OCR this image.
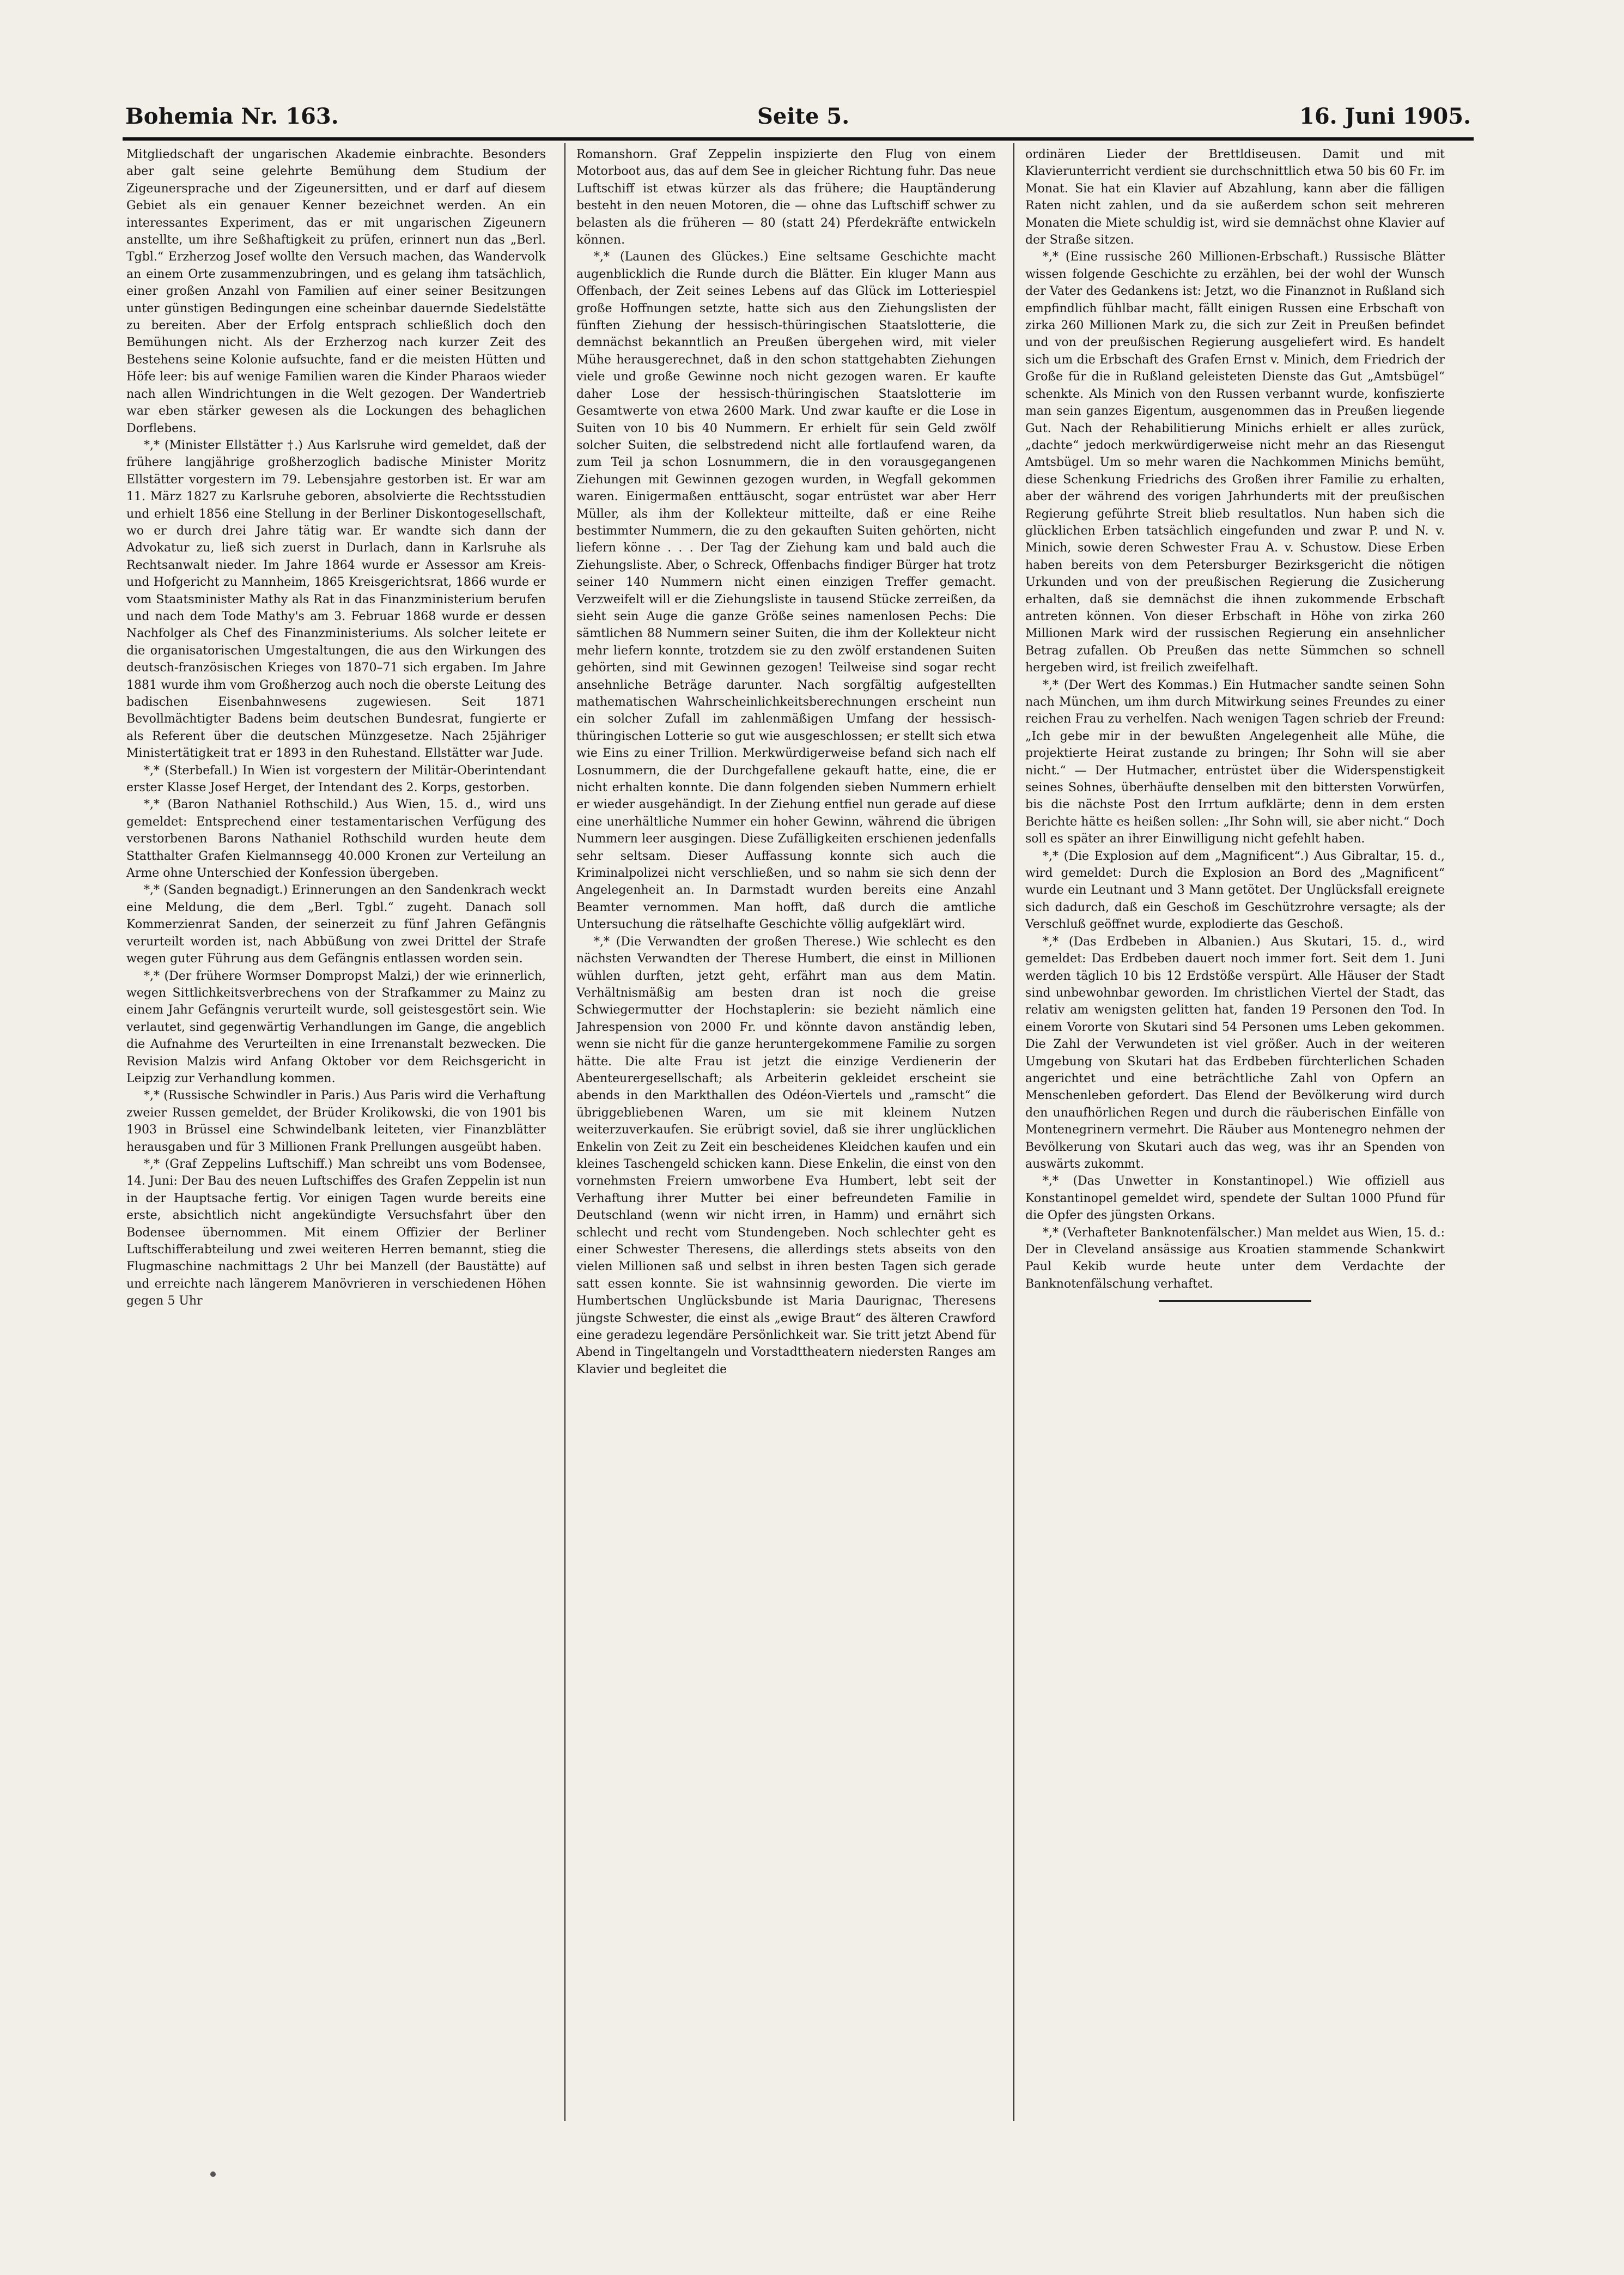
Bohemia Nr. 163.	Seite 5.	16. Juni 1905.

Mitgliedschaft der ungarischen Akademie einbrachte. Besonders aber galt seine gelehrte Bemühung dem Studium der Zigeunersprache und der Zigeunersitten, und er darf auf diesem Gebiet als ein genauer Kenner bezeichnet werden. An ein interessantes Experiment, das er mit ungarischen Zigeunern anstellte, um ihre Seßhaftigkeit zu prüfen, erinnert nun das „Berl. Tgbl.“ Erzherzog Josef wollte den Versuch machen, das Wandervolk an einem Orte zusammenzubringen, und es gelang ihm tatsächlich, einer großen Anzahl von Familien auf einer seiner Besitzungen unter günstigen Bedingungen eine scheinbar dauernde Siedelstätte zu bereiten. Aber der Erfolg entsprach schließlich doch den Bemühungen nicht. Als der Erzherzog nach kurzer Zeit des Bestehens seine Kolonie aufsuchte, fand er die meisten Hütten und Höfe leer: bis auf wenige Familien waren die Kinder Pharaos wieder nach allen Windrichtungen in die Welt gezogen. Der Wandertrieb war eben stärker gewesen als die Lockungen des behaglichen Dorflebens.

*,* (Minister Ellstätter †.) Aus Karlsruhe wird gemeldet, daß der frühere langjährige großherzoglich badische Minister Moritz Ellstätter vorgestern im 79. Lebensjahre gestorben ist. Er war am 11. März 1827 zu Karlsruhe geboren, absolvierte die Rechtsstudien und erhielt 1856 eine Stellung in der Berliner Diskontogesellschaft, wo er durch drei Jahre tätig war. Er wandte sich dann der Advokatur zu, ließ sich zuerst in Durlach, dann in Karlsruhe als Rechtsanwalt nieder. Im Jahre 1864 wurde er Assessor am Kreis- und Hofgericht zu Mannheim, 1865 Kreisgerichtsrat, 1866 wurde er vom Staatsminister Mathy als Rat in das Finanzministerium berufen und nach dem Tode Mathy's am 3. Februar 1868 wurde er dessen Nachfolger als Chef des Finanzministeriums. Als solcher leitete er die organisatorischen Umgestaltungen, die aus den Wirkungen des deutsch-französischen Krieges von 1870–71 sich ergaben. Im Jahre 1881 wurde ihm vom Großherzog auch noch die oberste Leitung des badischen Eisenbahnwesens zugewiesen. Seit 1871 Bevollmächtigter Badens beim deutschen Bundesrat, fungierte er als Referent über die deutschen Münzgesetze. Nach 25jähriger Ministertätigkeit trat er 1893 in den Ruhestand. Ellstätter war Jude.

*,* (Sterbefall.) In Wien ist vorgestern der Militär-Oberintendant erster Klasse Josef Herget, der Intendant des 2. Korps, gestorben.

*,* (Baron Nathaniel Rothschild.) Aus Wien, 15. d., wird uns gemeldet: Entsprechend einer testamentarischen Verfügung des verstorbenen Barons Nathaniel Rothschild wurden heute dem Statthalter Grafen Kielmannsegg 40.000 Kronen zur Verteilung an Arme ohne Unterschied der Konfession übergeben.

*,* (Sanden begnadigt.) Erinnerungen an den Sandenkrach weckt eine Meldung, die dem „Berl. Tgbl.“ zugeht. Danach soll Kommerzienrat Sanden, der seinerzeit zu fünf Jahren Gefängnis verurteilt worden ist, nach Abbüßung von zwei Drittel der Strafe wegen guter Führung aus dem Gefängnis entlassen worden sein.

*,* (Der frühere Wormser Dompropst Malzi,) der wie erinnerlich, wegen Sittlichkeitsverbrechens von der Strafkammer zu Mainz zu einem Jahr Gefängnis verurteilt wurde, soll geistesgestört sein. Wie verlautet, sind gegenwärtig Verhandlungen im Gange, die angeblich die Aufnahme des Verurteilten in eine Irrenanstalt bezwecken. Die Revision Malzis wird Anfang Oktober vor dem Reichsgericht in Leipzig zur Verhandlung kommen.

*,* (Russische Schwindler in Paris.) Aus Paris wird die Verhaftung zweier Russen gemeldet, der Brüder Krolikowski, die von 1901 bis 1903 in Brüssel eine Schwindelbank leiteten, vier Finanzblätter herausgaben und für 3 Millionen Frank Prellungen ausgeübt haben.

*,* (Graf Zeppelins Luftschiff.) Man schreibt uns vom Bodensee, 14. Juni: Der Bau des neuen Luftschiffes des Grafen Zeppelin ist nun in der Hauptsache fertig. Vor einigen Tagen wurde bereits eine erste, absichtlich nicht angekündigte Versuchsfahrt über den Bodensee übernommen. Mit einem Offizier der Berliner Luftschifferabteilung und zwei weiteren Herren bemannt, stieg die Flugmaschine nachmittags 2 Uhr bei Manzell (der Baustätte) auf und erreichte nach längerem Manövrieren in verschiedenen Höhen gegen 5 Uhr

Romanshorn. Graf Zeppelin inspizierte den Flug von einem Motorboot aus, das auf dem See in gleicher Richtung fuhr. Das neue Luftschiff ist etwas kürzer als das frühere; die Hauptänderung besteht in den neuen Motoren, die — ohne das Luftschiff schwer zu belasten als die früheren — 80 (statt 24) Pferdekräfte entwickeln können.

*,* (Launen des Glückes.) Eine seltsame Geschichte macht augenblicklich die Runde durch die Blätter. Ein kluger Mann aus Offenbach, der Zeit seines Lebens auf das Glück im Lotteriespiel große Hoffnungen setzte, hatte sich aus den Ziehungslisten der fünften Ziehung der hessisch-thüringischen Staatslotterie, die demnächst bekanntlich an Preußen übergehen wird, mit vieler Mühe herausgerechnet, daß in den schon stattgehabten Ziehungen viele und große Gewinne noch nicht gezogen waren. Er kaufte daher Lose der hessisch-thüringischen Staatslotterie im Gesamtwerte von etwa 2600 Mark. Und zwar kaufte er die Lose in Suiten von 10 bis 40 Nummern. Er erhielt für sein Geld zwölf solcher Suiten, die selbstredend nicht alle fortlaufend waren, da zum Teil ja schon Losnummern, die in den vorausgegangenen Ziehungen mit Gewinnen gezogen wurden, in Wegfall gekommen waren. Einigermaßen enttäuscht, sogar entrüstet war aber Herr Müller, als ihm der Kollekteur mitteilte, daß er eine Reihe bestimmter Nummern, die zu den gekauften Suiten gehörten, nicht liefern könne . . . Der Tag der Ziehung kam und bald auch die Ziehungsliste. Aber, o Schreck, Offenbachs findiger Bürger hat trotz seiner 140 Nummern nicht einen einzigen Treffer gemacht. Verzweifelt will er die Ziehungsliste in tausend Stücke zerreißen, da sieht sein Auge die ganze Größe seines namenlosen Pechs: Die sämtlichen 88 Nummern seiner Suiten, die ihm der Kollekteur nicht mehr liefern konnte, trotzdem sie zu den zwölf erstandenen Suiten gehörten, sind mit Gewinnen gezogen! Teilweise sind sogar recht ansehnliche Beträge darunter. Nach sorgfältig aufgestellten mathematischen Wahrscheinlichkeitsberechnungen erscheint nun ein solcher Zufall im zahlenmäßigen Umfang der hessisch-thüringischen Lotterie so gut wie ausgeschlossen; er stellt sich etwa wie Eins zu einer Trillion. Merkwürdigerweise befand sich nach elf Losnummern, die der Durchgefallene gekauft hatte, eine, die er nicht erhalten konnte. Die dann folgenden sieben Nummern erhielt er wieder ausgehändigt. In der Ziehung entfiel nun gerade auf diese eine unerhältliche Nummer ein hoher Gewinn, während die übrigen Nummern leer ausgingen. Diese Zufälligkeiten erschienen jedenfalls sehr seltsam. Dieser Auffassung konnte sich auch die Kriminalpolizei nicht verschließen, und so nahm sie sich denn der Angelegenheit an. In Darmstadt wurden bereits eine Anzahl Beamter vernommen. Man hofft, daß durch die amtliche Untersuchung die rätselhafte Geschichte völlig aufgeklärt wird.

*,* (Die Verwandten der großen Therese.) Wie schlecht es den nächsten Verwandten der Therese Humbert, die einst in Millionen wühlen durften, jetzt geht, erfährt man aus dem Matin. Verhältnismäßig am besten dran ist noch die greise Schwiegermutter der Hochstaplerin: sie bezieht nämlich eine Jahrespension von 2000 Fr. und könnte davon anständig leben, wenn sie nicht für die ganze heruntergekommene Familie zu sorgen hätte. Die alte Frau ist jetzt die einzige Verdienerin der Abenteurergesellschaft; als Arbeiterin gekleidet erscheint sie abends in den Markthallen des Odéon-Viertels und „ramscht“ die übriggebliebenen Waren, um sie mit kleinem Nutzen weiterzuverkaufen. Sie erübrigt soviel, daß sie ihrer unglücklichen Enkelin von Zeit zu Zeit ein bescheidenes Kleidchen kaufen und ein kleines Taschengeld schicken kann. Diese Enkelin, die einst von den vornehmsten Freiern umworbene Eva Humbert, lebt seit der Verhaftung ihrer Mutter bei einer befreundeten Familie in Deutschland (wenn wir nicht irren, in Hamm) und ernährt sich schlecht und recht vom Stundengeben. Noch schlechter geht es einer Schwester Theresens, die allerdings stets abseits von den vielen Millionen saß und selbst in ihren besten Tagen sich gerade satt essen konnte. Sie ist wahnsinnig geworden. Die vierte im Humbertschen Unglücksbunde ist Maria Daurignac, Theresens jüngste Schwester, die einst als „ewige Braut“ des älteren Crawford eine geradezu legendäre Persönlichkeit war. Sie tritt jetzt Abend für Abend in Tingeltangeln und Vorstadttheatern niedersten Ranges am Klavier und begleitet die

ordinären Lieder der Brettldiseusen. Damit und mit Klavierunterricht verdient sie durchschnittlich etwa 50 bis 60 Fr. im Monat. Sie hat ein Klavier auf Abzahlung, kann aber die fälligen Raten nicht zahlen, und da sie außerdem schon seit mehreren Monaten die Miete schuldig ist, wird sie demnächst ohne Klavier auf der Straße sitzen.

*,* (Eine russische 260 Millionen-Erbschaft.) Russische Blätter wissen folgende Geschichte zu erzählen, bei der wohl der Wunsch der Vater des Gedankens ist: Jetzt, wo die Finanznot in Rußland sich empfindlich fühlbar macht, fällt einigen Russen eine Erbschaft von zirka 260 Millionen Mark zu, die sich zur Zeit in Preußen befindet und von der preußischen Regierung ausgeliefert wird. Es handelt sich um die Erbschaft des Grafen Ernst v. Minich, dem Friedrich der Große für die in Rußland geleisteten Dienste das Gut „Amtsbügel“ schenkte. Als Minich von den Russen verbannt wurde, konfiszierte man sein ganzes Eigentum, ausgenommen das in Preußen liegende Gut. Nach der Rehabilitierung Minichs erhielt er alles zurück, „dachte“ jedoch merkwürdigerweise nicht mehr an das Riesengut Amtsbügel. Um so mehr waren die Nachkommen Minichs bemüht, diese Schenkung Friedrichs des Großen ihrer Familie zu erhalten, aber der während des vorigen Jahrhunderts mit der preußischen Regierung geführte Streit blieb resultatlos. Nun haben sich die glücklichen Erben tatsächlich eingefunden und zwar P. und N. v. Minich, sowie deren Schwester Frau A. v. Schustow. Diese Erben haben bereits von dem Petersburger Bezirksgericht die nötigen Urkunden und von der preußischen Regierung die Zusicherung erhalten, daß sie demnächst die ihnen zukommende Erbschaft antreten können. Von dieser Erbschaft in Höhe von zirka 260 Millionen Mark wird der russischen Regierung ein ansehnlicher Betrag zufallen. Ob Preußen das nette Sümmchen so schnell hergeben wird, ist freilich zweifelhaft.

*,* (Der Wert des Kommas.) Ein Hutmacher sandte seinen Sohn nach München, um ihm durch Mitwirkung seines Freundes zu einer reichen Frau zu verhelfen. Nach wenigen Tagen schrieb der Freund: „Ich gebe mir in der bewußten Angelegenheit alle Mühe, die projektierte Heirat zustande zu bringen; Ihr Sohn will sie aber nicht.“ — Der Hutmacher, entrüstet über die Widerspenstigkeit seines Sohnes, überhäufte denselben mit den bittersten Vorwürfen, bis die nächste Post den Irrtum aufklärte; denn in dem ersten Berichte hätte es heißen sollen: „Ihr Sohn will, sie aber nicht.“ Doch soll es später an ihrer Einwilligung nicht gefehlt haben.

*,* (Die Explosion auf dem „Magnificent“.) Aus Gibraltar, 15. d., wird gemeldet: Durch die Explosion an Bord des „Magnificent“ wurde ein Leutnant und 3 Mann getötet. Der Unglücksfall ereignete sich dadurch, daß ein Geschoß im Geschützrohre versagte; als der Verschluß geöffnet wurde, explodierte das Geschoß.

*,* (Das Erdbeben in Albanien.) Aus Skutari, 15. d., wird gemeldet: Das Erdbeben dauert noch immer fort. Seit dem 1. Juni werden täglich 10 bis 12 Erdstöße verspürt. Alle Häuser der Stadt sind unbewohnbar geworden. Im christlichen Viertel der Stadt, das relativ am wenigsten gelitten hat, fanden 19 Personen den Tod. In einem Vororte von Skutari sind 54 Personen ums Leben gekommen. Die Zahl der Verwundeten ist viel größer. Auch in der weiteren Umgebung von Skutari hat das Erdbeben fürchterlichen Schaden angerichtet und eine beträchtliche Zahl von Opfern an Menschenleben gefordert. Das Elend der Bevölkerung wird durch den unaufhörlichen Regen und durch die räuberischen Einfälle von Montenegrinern vermehrt. Die Räuber aus Montenegro nehmen der Bevölkerung von Skutari auch das weg, was ihr an Spenden von auswärts zukommt.

*,* (Das Unwetter in Konstantinopel.) Wie offiziell aus Konstantinopel gemeldet wird, spendete der Sultan 1000 Pfund für die Opfer des jüngsten Orkans.

*,* (Verhafteter Banknotenfälscher.) Man meldet aus Wien, 15. d.: Der in Cleveland ansässige aus Kroatien stammende Schankwirt Paul Kekib wurde heute unter dem Verdachte der Banknotenfälschung verhaftet.
